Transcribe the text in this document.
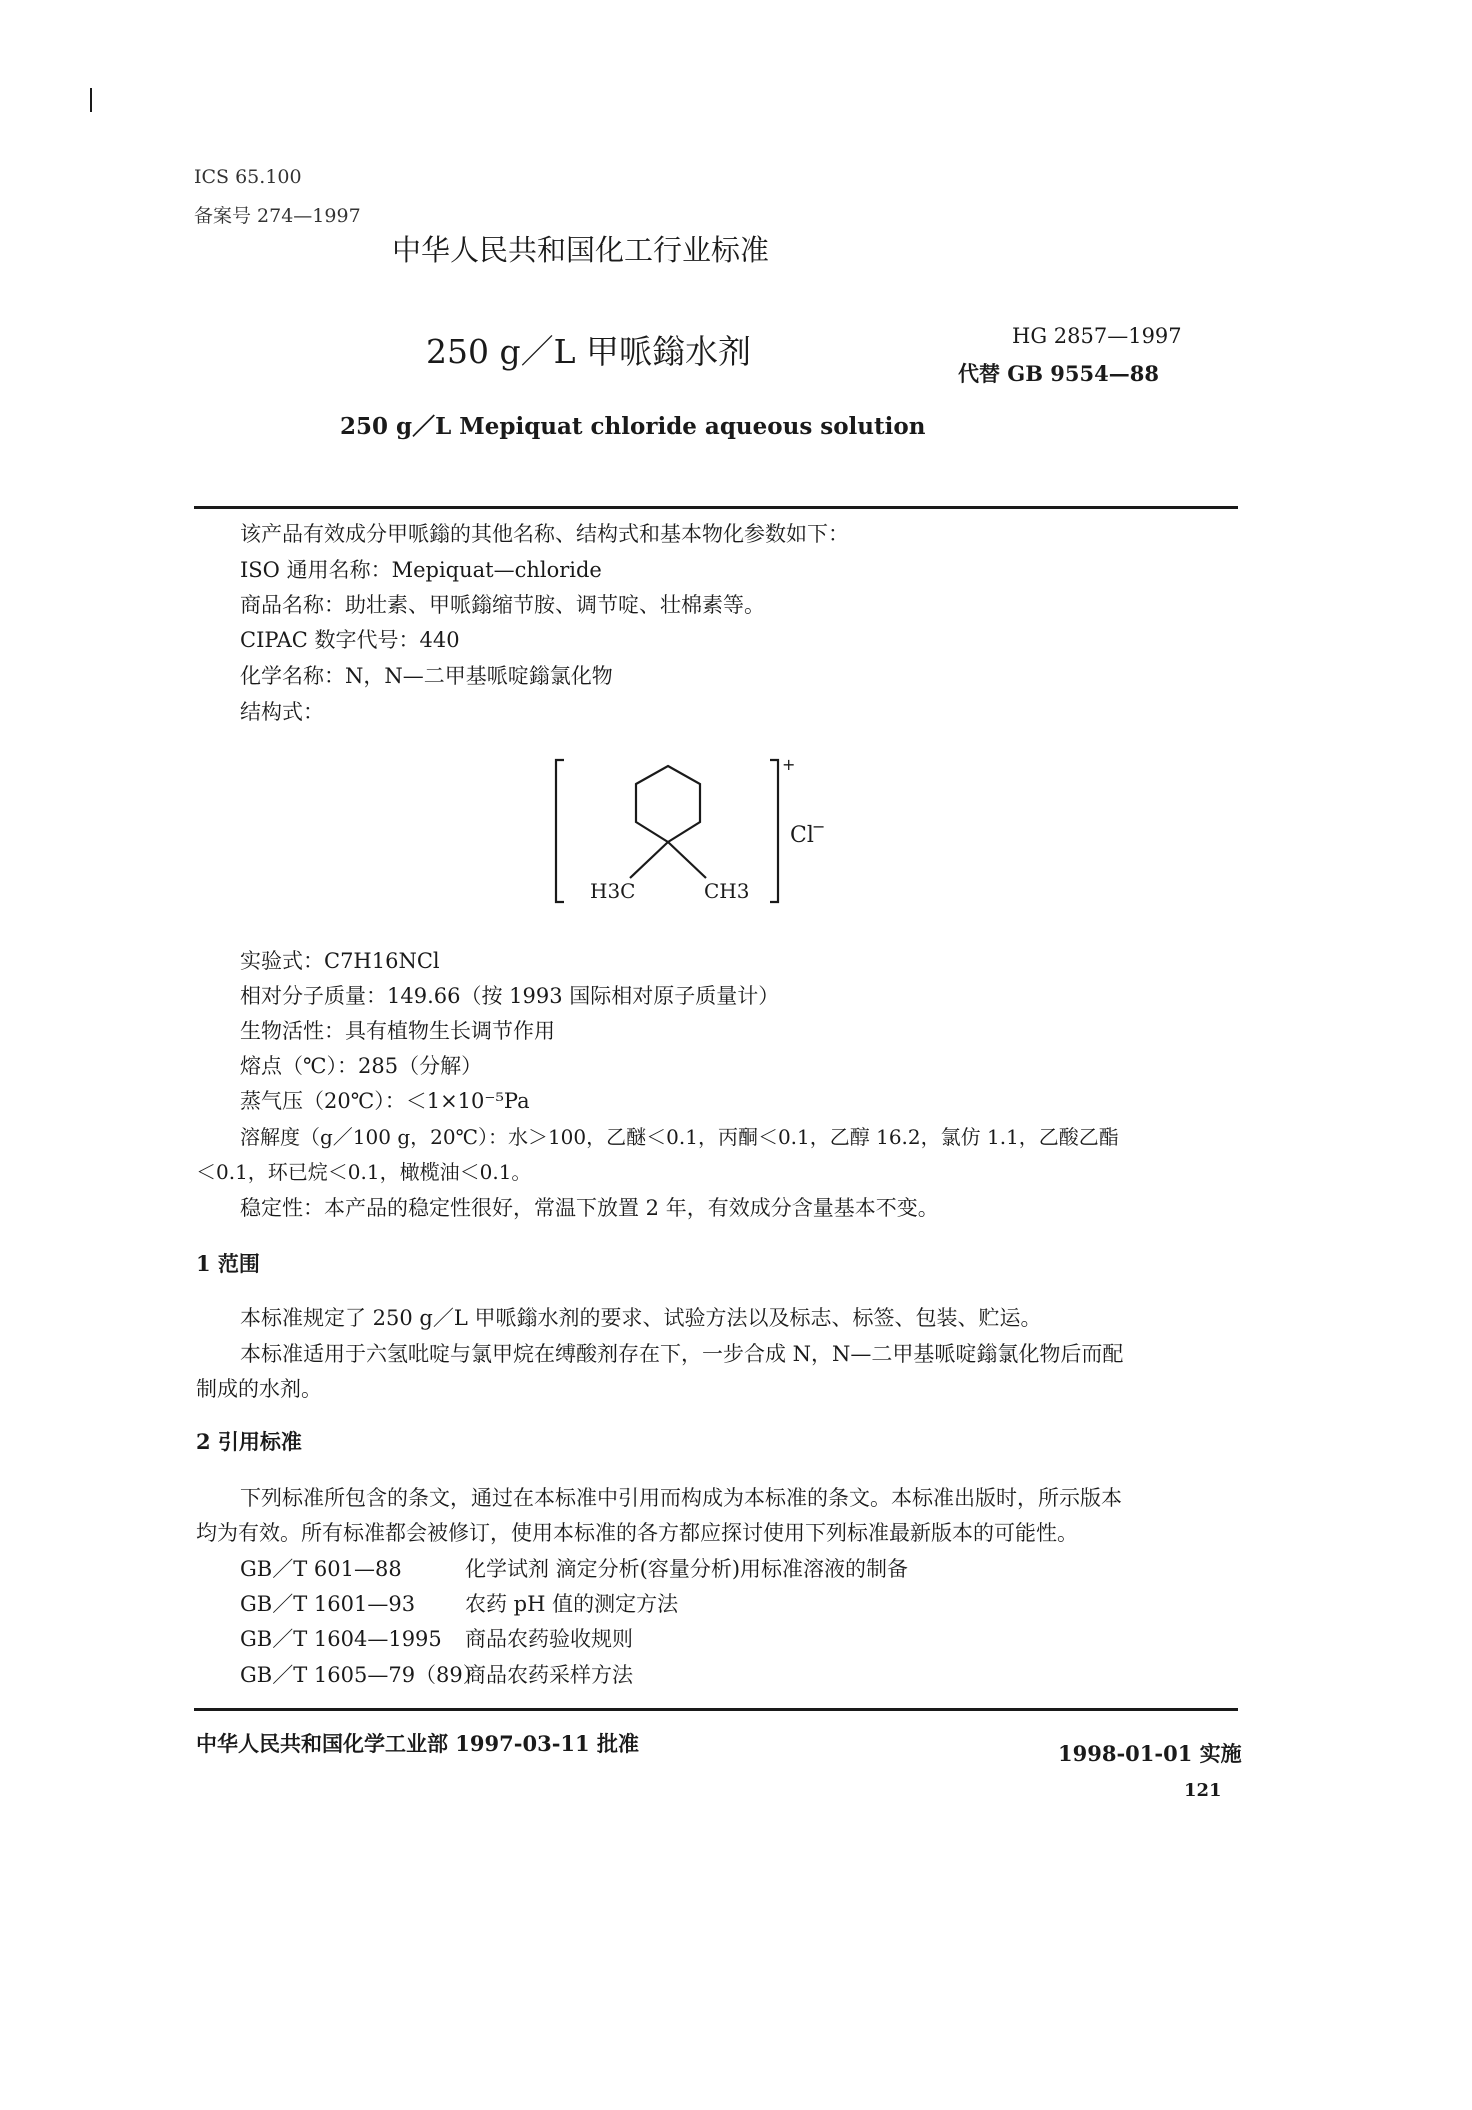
ICS 65.100
备案号 274—1997
中华人民共和国化工行业标准
250 g／L 甲哌鎓水剂	HG 2857—1997
代替 GB 9554—88
250 g／L Mepiquat chloride aqueous solution
该产品有效成分甲哌鎓的其他名称、结构式和基本物化参数如下：
ISO 通用名称：Mepiquat—chloride
商品名称：助壮素、甲哌鎓缩节胺、调节啶、壮棉素等。
CIPAC 数字代号：440
化学名称：N，N—二甲基哌啶鎓氯化物
结构式：
H3C	CH3
+
Cl
−
实验式：C7H16NCl
相对分子质量：149.66（按 1993 国际相对原子质量计）
生物活性：具有植物生长调节作用
熔点（℃）：285（分解）
蒸气压（20℃）：＜1×10⁻⁵Pa
溶解度（g／100 g，20℃）：水＞100，乙醚＜0.1，丙酮＜0.1，乙醇 16.2，氯仿 1.1，乙酸乙酯
＜0.1，环已烷＜0.1，橄榄油＜0.1。
稳定性：本产品的稳定性很好，常温下放置 2 年，有效成分含量基本不变。
1 范围
本标准规定了 250 g／L 甲哌鎓水剂的要求、试验方法以及标志、标签、包装、贮运。
本标准适用于六氢吡啶与氯甲烷在缚酸剂存在下，一步合成 N，N—二甲基哌啶鎓氯化物后而配
制成的水剂。
2 引用标准
下列标准所包含的条文，通过在本标准中引用而构成为本标准的条文。本标准出版时，所示版本
均为有效。所有标准都会被修订，使用本标准的各方都应探讨使用下列标准最新版本的可能性。
GB／T 601—88	化学试剂 滴定分析(容量分析)用标准溶液的制备
GB／T 1601—93 农药 pH 值的测定方法
GB／T 1604—1995 商品农药验收规则
GB／T 1605—79（89）商品农药采样方法
中华人民共和国化学工业部 1997-03-11 批准	1998-01-01 实施
121
